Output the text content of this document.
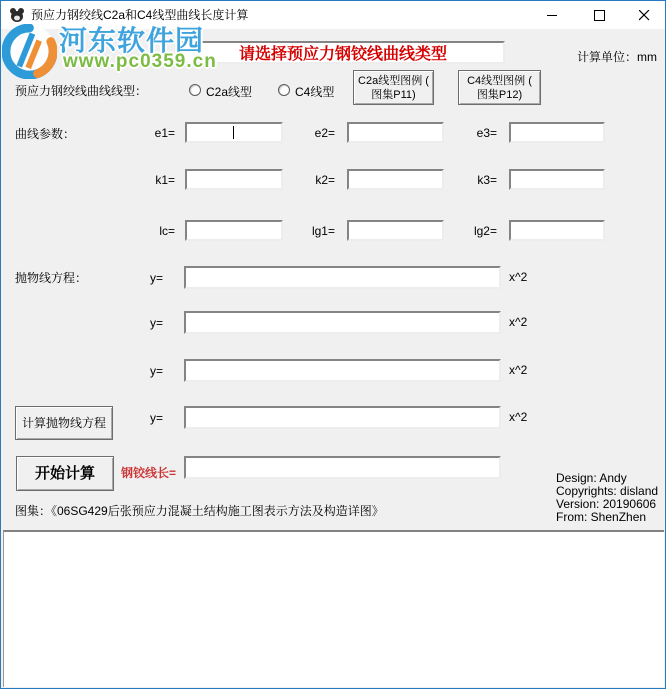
预应力钢绞线C2a和C4线型曲线长度计算
请选择预应力钢铰线曲线类型	计算单位：mm
预应力钢绞线曲线线型：	C2a线型	C4线型
C2a线型图例 (
图集P11)
C4线型图例 (
图集P12)
曲线参数：	e1=	e2=	e3=
k1=	k2=	k3=
lc=	lg1=	lg2=
抛物线方程：	y=	x^2
y=	x^2
y=	x^2
计算抛物线方程	y=	x^2
开始计算 钢铰线长=	Design: Andy
Copyrights: disland
Version: 20190606
From: ShenZhen
图集：《06SG429后张预应力混凝土结构施工图表示方法及构造详图》
河东软件园
www.pc0359.cn
